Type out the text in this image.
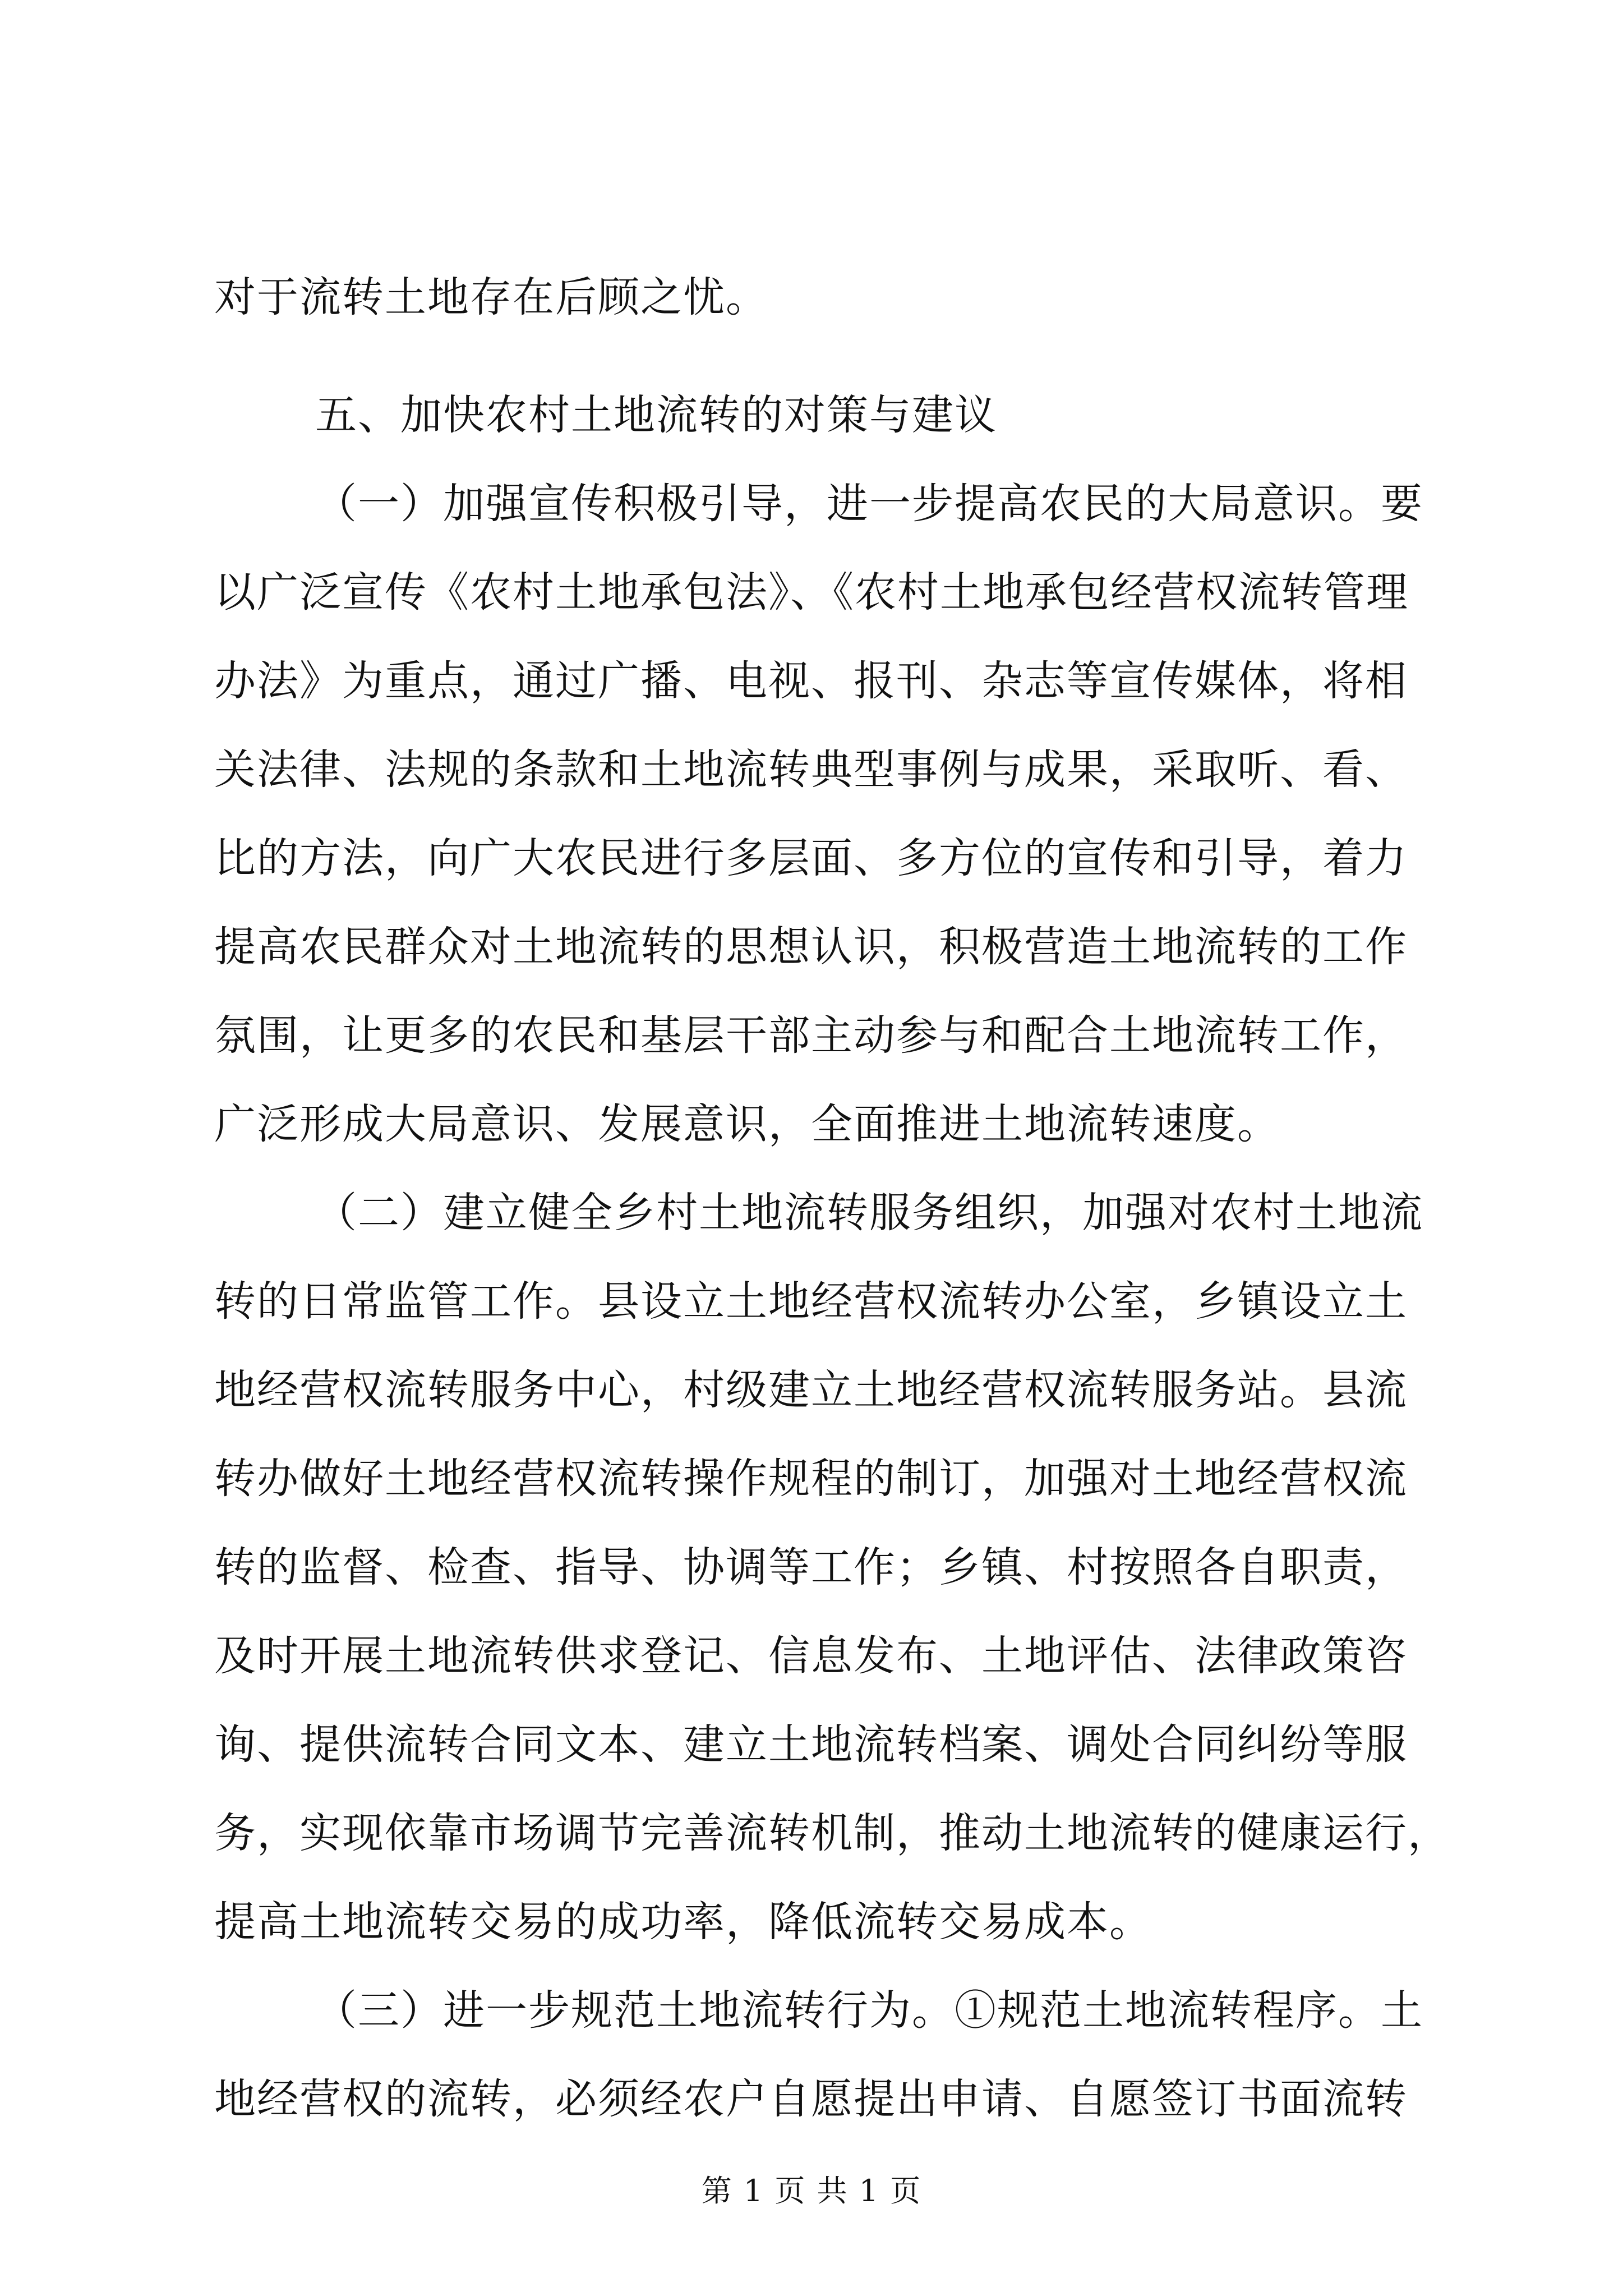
对于流转土地存在后顾之忧。
五、加快农村土地流转的对策与建议
（一）加强宣传积极引导，进一步提高农民的大局意识。要
以广泛宣传《农村土地承包法》、《农村土地承包经营权流转管理
办法》为重点，通过广播、电视、报刊、杂志等宣传媒体，将相
关法律、法规的条款和土地流转典型事例与成果，采取听、看、
比的方法，向广大农民进行多层面、多方位的宣传和引导，着力
提高农民群众对土地流转的思想认识，积极营造土地流转的工作
氛围，让更多的农民和基层干部主动参与和配合土地流转工作，
广泛形成大局意识、发展意识，全面推进土地流转速度。
（二）建立健全乡村土地流转服务组织，加强对农村土地流
转的日常监管工作。县设立土地经营权流转办公室，乡镇设立土
地经营权流转服务中心，村级建立土地经营权流转服务站。县流
转办做好土地经营权流转操作规程的制订，加强对土地经营权流
转的监督、检查、指导、协调等工作；乡镇、村按照各自职责，
及时开展土地流转供求登记、信息发布、土地评估、法律政策咨
询、提供流转合同文本、建立土地流转档案、调处合同纠纷等服
务，实现依靠市场调节完善流转机制，推动土地流转的健康运行，
提高土地流转交易的成功率，降低流转交易成本。
（三）进一步规范土地流转行为。①规范土地流转程序。土
地经营权的流转，必须经农户自愿提出申请、自愿签订书面流转
第 1 页 共 1 页
